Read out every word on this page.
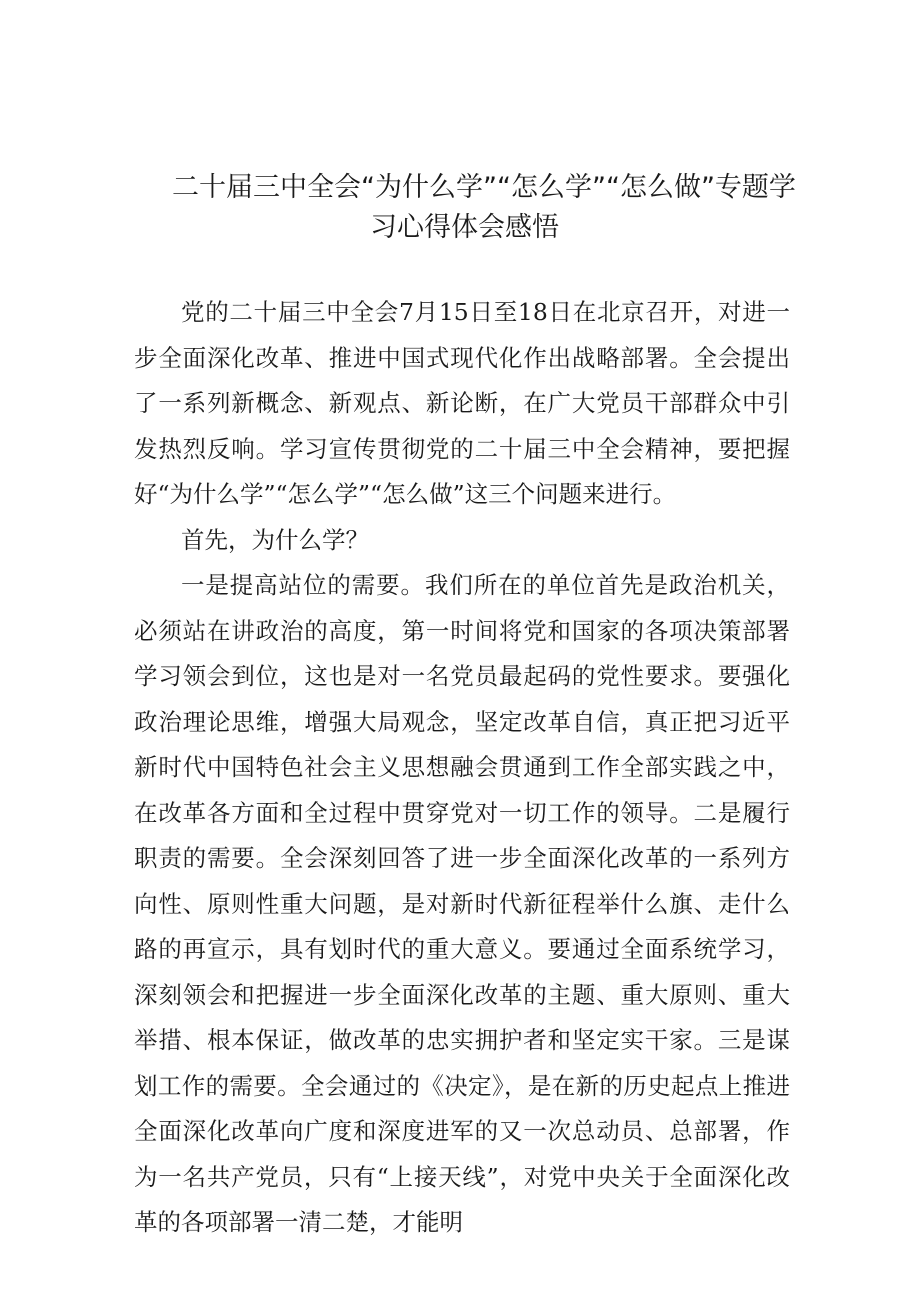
二十届三中全会“为什么学”“怎么学”“怎么做”专题学
习心得体会感悟

党的二十届三中全会7月15日至18日在北京召开，对进一步全面深化改革、推进中国式现代化作出战略部署。全会提出了一系列新概念、新观点、新论断，在广大党员干部群众中引发热烈反响。学习宣传贯彻党的二十届三中全会精神，要把握好“为什么学”“怎么学”“怎么做”这三个问题来进行。

首先，为什么学？

一是提高站位的需要。我们所在的单位首先是政治机关，必须站在讲政治的高度，第一时间将党和国家的各项决策部署学习领会到位，这也是对一名党员最起码的党性要求。要强化政治理论思维，增强大局观念，坚定改革自信，真正把习近平新时代中国特色社会主义思想融会贯通到工作全部实践之中，在改革各方面和全过程中贯穿党对一切工作的领导。二是履行职责的需要。全会深刻回答了进一步全面深化改革的一系列方向性、原则性重大问题，是对新时代新征程举什么旗、走什么路的再宣示，具有划时代的重大意义。要通过全面系统学习，深刻领会和把握进一步全面深化改革的主题、重大原则、重大举措、根本保证，做改革的忠实拥护者和坚定实干家。三是谋划工作的需要。全会通过的《决定》，是在新的历史起点上推进全面深化改革向广度和深度进军的又一次总动员、总部署，作为一名共产党员，只有“上接天线”，对党中央关于全面深化改革的各项部署一清二楚，才能明
